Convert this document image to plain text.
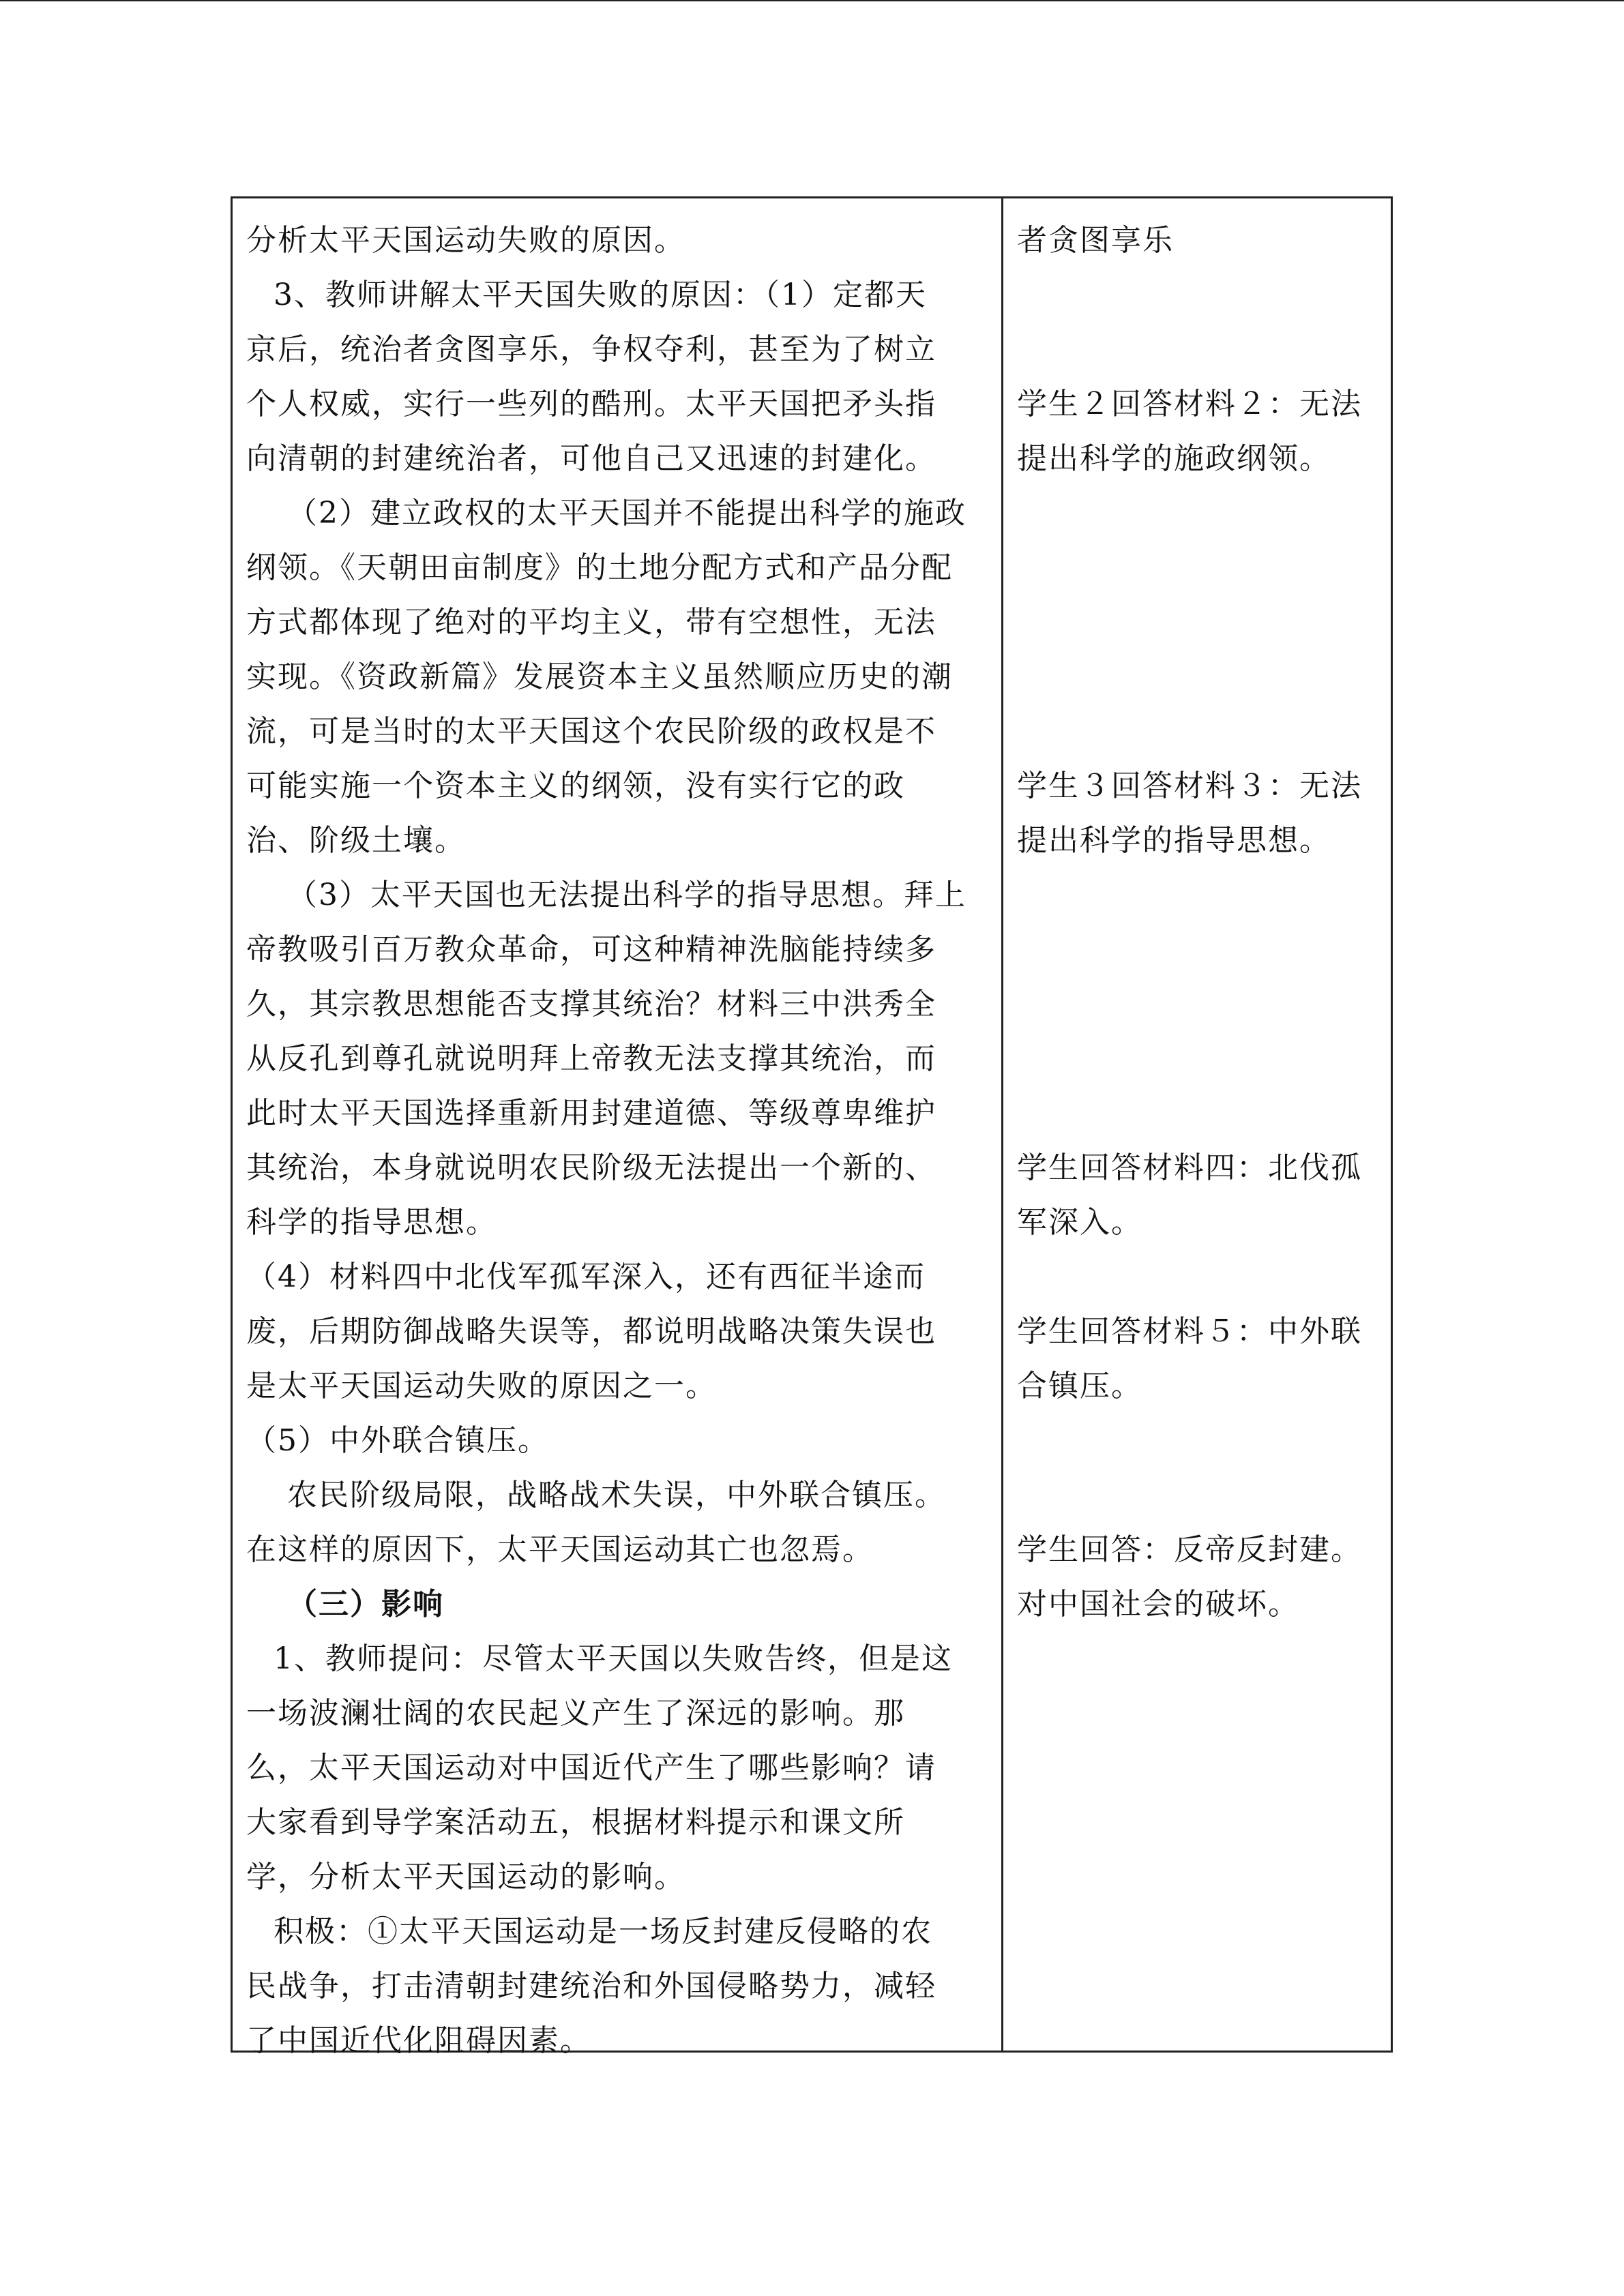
分析太平天国运动失败的原因。
3、教师讲解太平天国失败的原因：（1）定都天
京后，统治者贪图享乐，争权夺利，甚至为了树立
个人权威，实行一些列的酷刑。太平天国把矛头指
向清朝的封建统治者，可他自己又迅速的封建化。
（2）建立政权的太平天国并不能提出科学的施政
纲领。《天朝田亩制度》的土地分配方式和产品分配
方式都体现了绝对的平均主义，带有空想性，无法
实现。《资政新篇》发展资本主义虽然顺应历史的潮
流，可是当时的太平天国这个农民阶级的政权是不
可能实施一个资本主义的纲领，没有实行它的政
治、阶级土壤。
（3）太平天国也无法提出科学的指导思想。拜上
帝教吸引百万教众革命，可这种精神洗脑能持续多
久，其宗教思想能否支撑其统治？材料三中洪秀全
从反孔到尊孔就说明拜上帝教无法支撑其统治，而
此时太平天国选择重新用封建道德、等级尊卑维护
其统治，本身就说明农民阶级无法提出一个新的、
科学的指导思想。
（4）材料四中北伐军孤军深入，还有西征半途而
废，后期防御战略失误等，都说明战略决策失误也
是太平天国运动失败的原因之一。
（5）中外联合镇压。
农民阶级局限，战略战术失误，中外联合镇压。
在这样的原因下，太平天国运动其亡也忽焉。
（三）影响
1、教师提问：尽管太平天国以失败告终，但是这
一场波澜壮阔的农民起义产生了深远的影响。那
么，太平天国运动对中国近代产生了哪些影响？请
大家看到导学案活动五，根据材料提示和课文所
学，分析太平天国运动的影响。
积极：①太平天国运动是一场反封建反侵略的农
民战争，打击清朝封建统治和外国侵略势力，减轻
了中国近代化阻碍因素。
者贪图享乐
学生２回答材料２：无法
提出科学的施政纲领。
学生３回答材料３：无法
提出科学的指导思想。
学生回答材料四：北伐孤
军深入。
学生回答材料５：中外联
合镇压。
学生回答：反帝反封建。
对中国社会的破坏。
